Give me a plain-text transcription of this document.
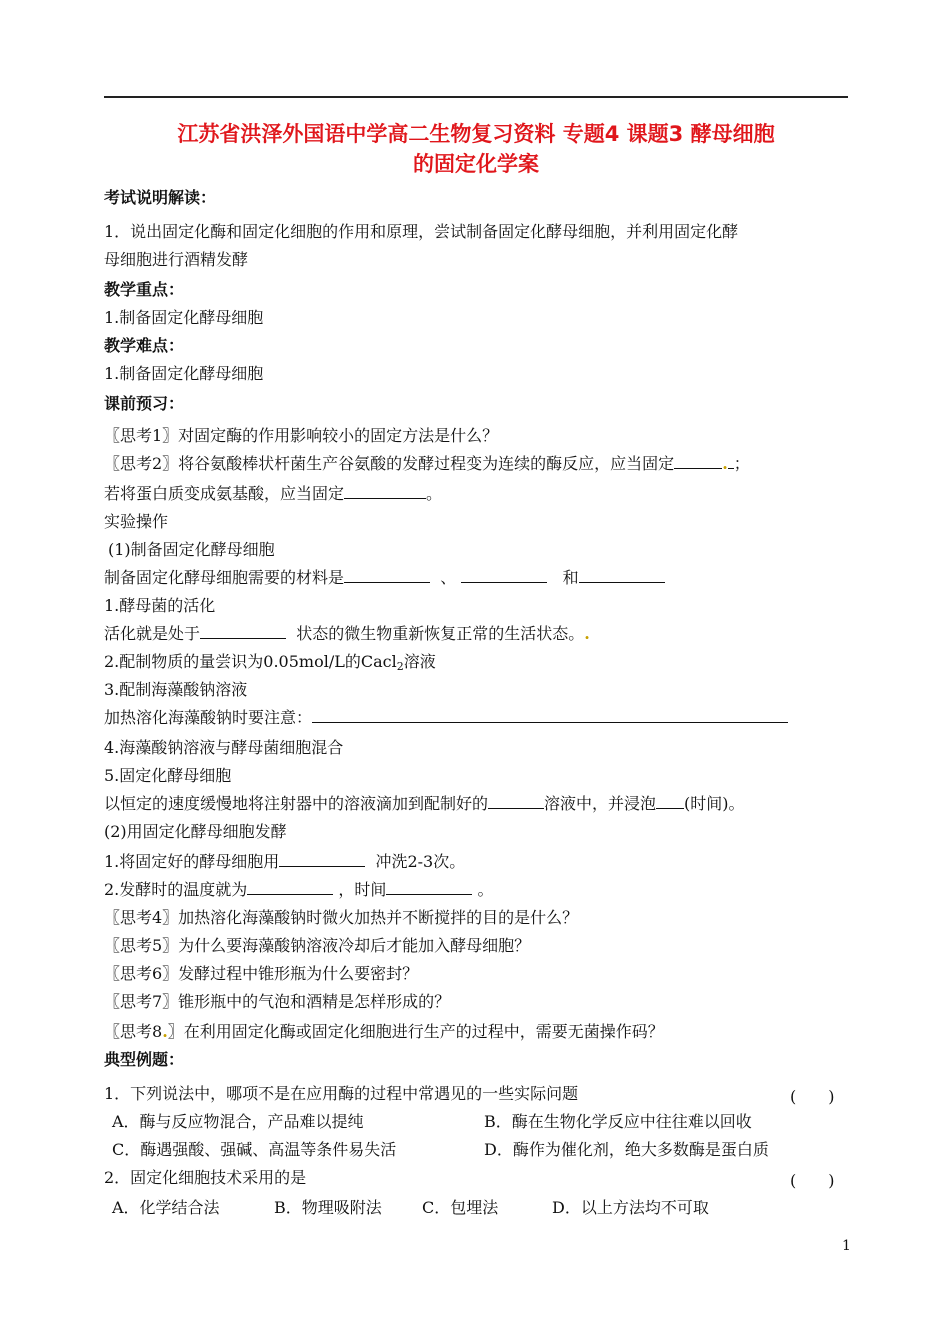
江苏省洪泽外国语中学高二生物复习资料 专题4 课题3 酵母细胞
的固定化学案
考试说明解读：
1．说出固定化酶和固定化细胞的作用和原理，尝试制备固定化酵母细胞，并利用固定化酵
母细胞进行酒精发酵
教学重点：
1.制备固定化酵母细胞
教学难点：
1.制备固定化酵母细胞
课前预习：
〖思考1〗对固定酶的作用影响较小的固定方法是什么？
〖思考2〗将谷氨酸棒状杆菌生产谷氨酸的发酵过程变为连续的酶反应，应当固定	. ；
若将蛋白质变成氨基酸，应当固定	。
实验操作
(1)制备固定化酵母细胞
制备固定化酵母细胞需要的材料是	、	和
1.酵母菌的活化
活化就是处于	状态的微生物重新恢复正常的生活状态。.
2.配制物质的量尝识为0.05mol/L的Cacl$_2$溶液
3.配制海藻酸钠溶液
加热溶化海藻酸钠时要注意：
4.海藻酸钠溶液与酵母菌细胞混合
5.固定化酵母细胞
以恒定的速度缓慢地将注射器中的溶液滴加到配制好的	溶液中，并浸泡 (时间)。
(2)用固定化酵母细胞发酵
1.将固定好的酵母细胞用	冲洗2-3次。
2.发酵时的温度就为	，时间	。
〖思考4〗加热溶化海藻酸钠时微火加热并不断搅拌的目的是什么？
〖思考5〗为什么要海藻酸钠溶液冷却后才能加入酵母细胞？
〖思考6〗发酵过程中锥形瓶为什么要密封？
〖思考7〗锥形瓶中的气泡和酒精是怎样形成的？
〖思考8.〗在利用固定化酶或固定化细胞进行生产的过程中，需要无菌操作码？
典型例题：
1．下列说法中，哪项不是在应用酶的过程中常遇见的一些实际问题	(　　)
A．酶与反应物混合，产品难以提纯	B．酶在生物化学反应中往往难以回收
C．酶遇强酸、强碱、高温等条件易失活	D．酶作为催化剂，绝大多数酶是蛋白质
2．固定化细胞技术采用的是	(　　)
A．化学结合法	B．物理吸附法	C．包埋法	D．以上方法均不可取
1
